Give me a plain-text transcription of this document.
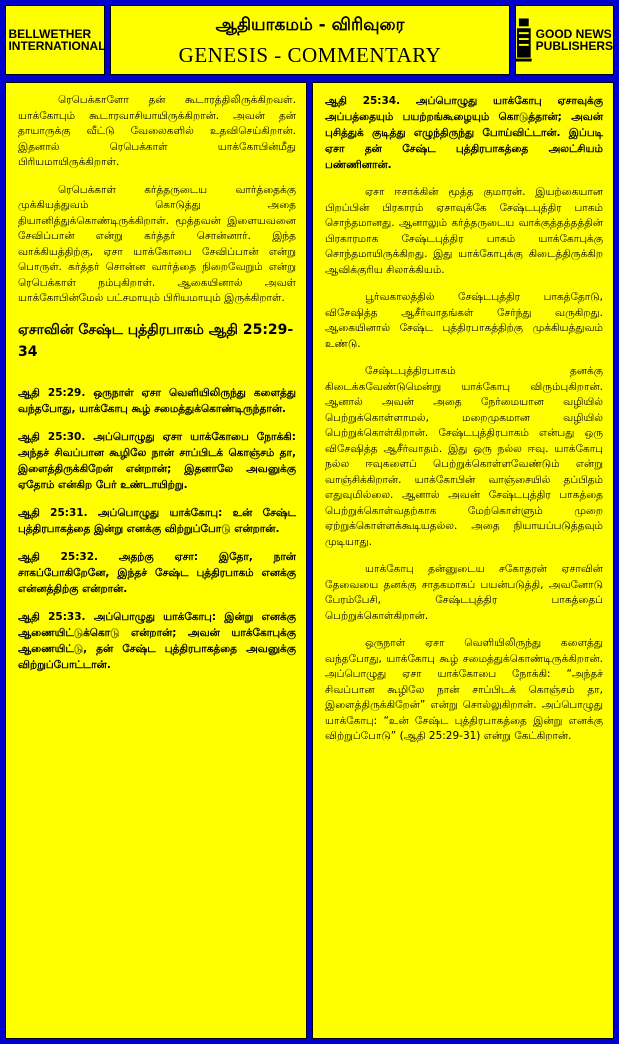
BELLWETHER
INTERNATIONAL
ஆதியாகமம் - விரிவுரை
GENESIS - COMMENTARY
GOOD NEWS
PUBLISHERS

ரெபெக்காளோ தன் கூடாரத்திலிருக்கிறவள். யாக்கோபும் கூடாரவாசியாயிருக்கிறான். அவன் தன் தாயாருக்கு வீட்டு வேலைகளில் உதவிசெய்கிறான். இதனால் ரெபெக்காள் யாக்கோபின்மீது பிரியமாயிருக்கிறாள்.

ரெபெக்காள் கர்த்தருடைய வார்த்தைக்கு முக்கியத்துவம் கொடுத்து அதை தியானித்துக்கொண்டிருக்கிறாள். மூத்தவன் இளையவனை சேவிப்பான் என்று கர்த்தர் சொன்னார். இந்த வாக்கியத்திற்கு, ஏசா யாக்கோபை சேவிப்பான் என்று பொருள். கர்த்தர் சொன்ன வார்த்தை நிறைவேறும் என்று ரெபெக்காள் நம்புகிறாள். ஆகையினால் அவள் யாக்கோபின்மேல் பட்சமாயும் பிரியமாயும் இருக்கிறாள்.

ஏசாவின் சேஷ்ட புத்திரபாகம் ஆதி 25:29-34

ஆதி 25:29. ஒருநாள் ஏசா வெளியிலிருந்து களைத்து வந்தபோது, யாக்கோபு கூழ் சமைத்துக்கொண்டிருந்தான்.

ஆதி 25:30. அப்பொழுது ஏசா யாக்கோபை நோக்கி: அந்தச் சிவப்பான கூழிலே நான் சாப்பிடக் கொஞ்சம் தா, இளைத்திருக்கிறேன் என்றான்; இதனாலே அவனுக்கு ஏதோம் என்கிற பேர் உண்டாயிற்று.

ஆதி 25:31. அப்பொழுது யாக்கோபு: உன் சேஷ்ட புத்திரபாகத்தை இன்று எனக்கு விற்றுப்போடு என்றான்.

ஆதி 25:32. அதற்கு ஏசா: இதோ, நான் சாகப்போகிறேனே, இந்தச் சேஷ்ட புத்திரபாகம் எனக்கு என்னத்திற்கு என்றான்.

ஆதி 25:33. அப்பொழுது யாக்கோபு: இன்று எனக்கு ஆணையிட்டுக்கொடு என்றான்; அவன் யாக்கோபுக்கு ஆணையிட்டு, தன் சேஷ்ட புத்திரபாகத்தை அவனுக்கு விற்றுப்போட்டான்.

ஆதி 25:34. அப்பொழுது யாக்கோபு ஏசாவுக்கு அப்பத்தையும் பயற்றங்கூழையும் கொடுத்தான்; அவன் புசித்துக் குடித்து எழுந்திருந்து போய்விட்டான். இப்படி ஏசா தன் சேஷ்ட புத்திரபாகத்தை அலட்சியம் பண்ணினான்.

ஏசா ஈசாக்கின் மூத்த குமாரன். இயற்கையான பிறப்பின் பிரகாரம் ஏசாவுக்கே சேஷ்டபுத்திர பாகம் சொந்தமானது. ஆனாலும் கர்த்தருடைய வாக்குத்தத்தத்தின் பிரகாரமாக சேஷ்டபுத்திர பாகம் யாக்கோபுக்கு சொந்தமாயிருக்கிறது. இது யாக்கோபுக்கு கிடைத்திருக்கிற ஆவிக்குரிய சிலாக்கியம்.

பூர்வகாலத்தில் சேஷ்டபுத்திர பாகத்தோடு, விசேஷித்த ஆசீர்வாதங்கள் சேர்ந்து வருகிறது. ஆகையினால் சேஷ்ட புத்திரபாகத்திற்கு முக்கியத்துவம் உண்டு.

சேஷ்டபுத்திரபாகம் தனக்கு கிடைக்கவேண்டுமென்று யாக்கோபு விரும்புகிறான். ஆனால் அவன் அதை நேர்மையான வழியில் பெற்றுக்கொள்ளாமல், மறைமுகமான வழியில் பெற்றுக்கொள்கிறான். சேஷ்டபுத்திரபாகம் என்பது ஒரு விசேஷித்த ஆசீர்வாதம். இது ஒரு நல்ல ஈவு. யாக்கோபு நல்ல ஈவுகளைப் பெற்றுக்கொள்ளவேண்டும் என்று வாஞ்சிக்கிறான். யாக்கோபின் வாஞ்சையில் தப்பிதம் எதுவுமில்லை. ஆனால் அவன் சேஷ்டபுத்திர பாகத்தை பெற்றுக்கொள்வதற்காக மேற்கொள்ளும் முறை ஏற்றுக்கொள்ளக்கூடியதல்ல. அதை நியாயப்படுத்தவும் முடியாது.

யாக்கோபு தன்னுடைய சகோதரன் ஏசாவின் தேவையை தனக்கு சாதகமாகப் பயன்படுத்தி, அவனோடு பேரம்பேசி, சேஷ்டபுத்திர பாகத்தைப் பெற்றுக்கொள்கிறான்.

ஒருநாள் ஏசா வெளியிலிருந்து களைத்து வந்தபோது, யாக்கோபு கூழ் சமைத்துக்கொண்டிருக்கிறான். அப்பொழுது ஏசா யாக்கோபை நோக்கி: “அந்தச் சிவப்பான கூழிலே நான் சாப்பிடக் கொஞ்சம் தா, இளைத்திருக்கிறேன்” என்று சொல்லுகிறான். அப்பொழுது யாக்கோபு: “உன் சேஷ்ட புத்திரபாகத்தை இன்று எனக்கு விற்றுப்போடு” (ஆதி 25:29-31) என்று கேட்கிறான்.
